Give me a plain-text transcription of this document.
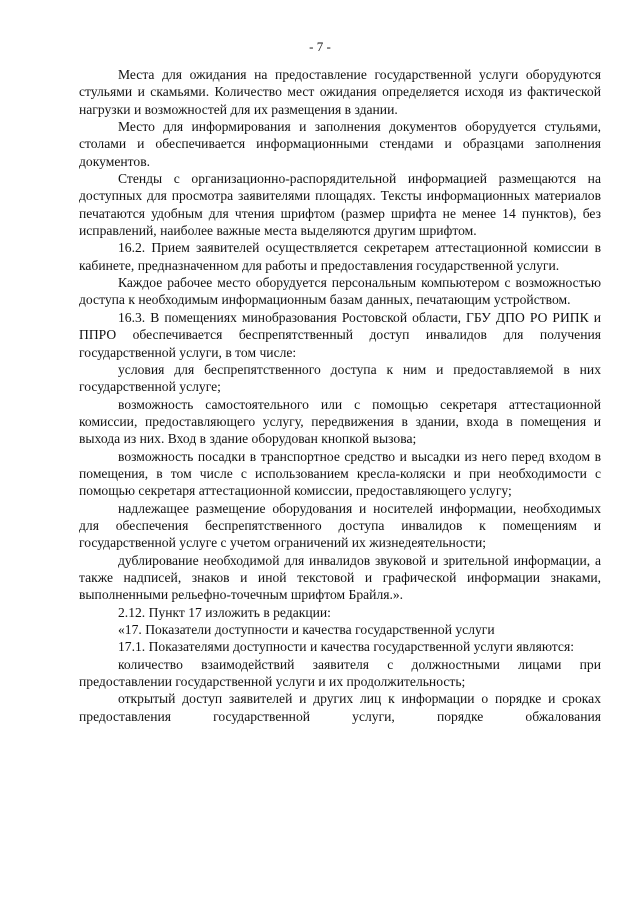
- 7 -

Места для ожидания на предоставление государственной услуги оборудуются стульями и скамьями. Количество мест ожидания определяется исходя из фактической нагрузки и возможностей для их размещения в здании.

Место для информирования и заполнения документов оборудуется стульями, столами и обеспечивается информационными стендами и образцами заполнения документов.

Стенды с организационно-распорядительной информацией размещаются на доступных для просмотра заявителями площадях. Тексты информационных материалов печатаются удобным для чтения шрифтом (размер шрифта не менее 14 пунктов), без исправлений, наиболее важные места выделяются другим шрифтом.

16.2. Прием заявителей осуществляется секретарем аттестационной комиссии в кабинете, предназначенном для работы и предоставления государственной услуги.

Каждое рабочее место оборудуется персональным компьютером с возможностью доступа к необходимым информационным базам данных, печатающим устройством.

16.3. В помещениях минобразования Ростовской области, ГБУ ДПО РО РИПК и ППРО обеспечивается беспрепятственный доступ инвалидов для получения государственной услуги, в том числе:

условия для беспрепятственного доступа к ним и предоставляемой в них государственной услуге;

возможность самостоятельного или с помощью секретаря аттестационной комиссии, предоставляющего услугу, передвижения в здании, входа в помещения и выхода из них. Вход в здание оборудован кнопкой вызова;

возможность посадки в транспортное средство и высадки из него перед входом в помещения, в том числе с использованием кресла-коляски и при необходимости с помощью секретаря аттестационной комиссии, предоставляющего услугу;

надлежащее размещение оборудования и носителей информации, необходимых для обеспечения беспрепятственного доступа инвалидов к помещениям и государственной услуге с учетом ограничений их жизнедеятельности;

дублирование необходимой для инвалидов звуковой и зрительной информации, а также надписей, знаков и иной текстовой и графической информации знаками, выполненными рельефно-точечным шрифтом Брайля.».

2.12. Пункт 17 изложить в редакции:

«17. Показатели доступности и качества государственной услуги

17.1. Показателями доступности и качества государственной услуги являются:

количество взаимодействий заявителя с должностными лицами при предоставлении государственной услуги и их продолжительность;

открытый доступ заявителей и других лиц к информации о порядке и сроках предоставления государственной услуги, порядке обжалования
